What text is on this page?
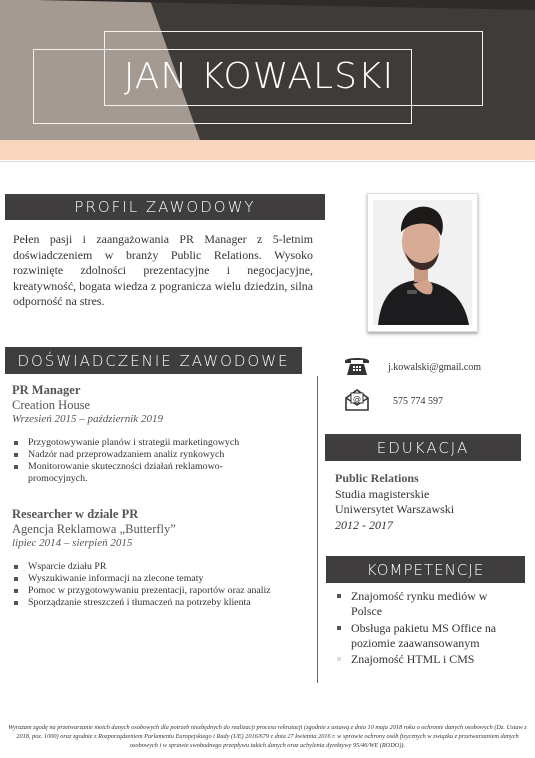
JAN KOWALSKI
PROFIL ZAWODOWY
Pełen pasji i zaangażowania PR Manager z 5-letnim doświadczeniem w branży Public Relations. Wysoko rozwinięte zdolności prezentacyjne i negocjacyjne, kreatywność, bogata wiedza z pogranicza wielu dziedzin, silna odporność na stres.
DOŚWIADCZENIE ZAWODOWE
PR Manager
Creation House
Wrzesień 2015 – październik 2019
Przygotowywanie planów i strategii marketingowych
Nadzór nad przeprowadzaniem analiz rynkowych
Monitorowanie skuteczności działań reklamowo-promocyjnych.
Researcher w dziale PR
Agencja Reklamowa „Butterfly”
lipiec 2014 – sierpień 2015
Wsparcie działu PR
Wyszukiwanie informacji na zlecone tematy
Pomoc w przygotowywaniu prezentacji, raportów oraz analiz
Sporządzanie streszczeń i tłumaczeń na potrzeby klienta
j.kowalski@gmail.com
@	575 774 597
EDUKACJA
Public Relations
Studia magisterskie
Uniwersytet Warszawski
2012 - 2017
KOMPETENCJE
Znajomość rynku mediów w Polsce
Obsługa pakietu MS Office na poziomie zaawansowanym
Znajomość HTML i CMS
Wyrażam zgodę na przetwarzanie moich danych osobowych dla potrzeb niezbędnych do realizacji procesu rekrutacji (zgodnie z ustawą z dnia 10 maja 2018 roku o ochronie danych osobowych (Dz. Ustaw z 2018, poz. 1000) oraz zgodnie z Rozporządzeniem Parlamentu Europejskiego i Rady (UE) 2016/679 z dnia 27 kwietnia 2016 r. w sprawie ochrony osób fizycznych w związku z przetwarzaniem danych osobowych i w sprawie swobodnego przepływu takich danych oraz uchylenia dyrektywy 95/46/WE (RODO)).
